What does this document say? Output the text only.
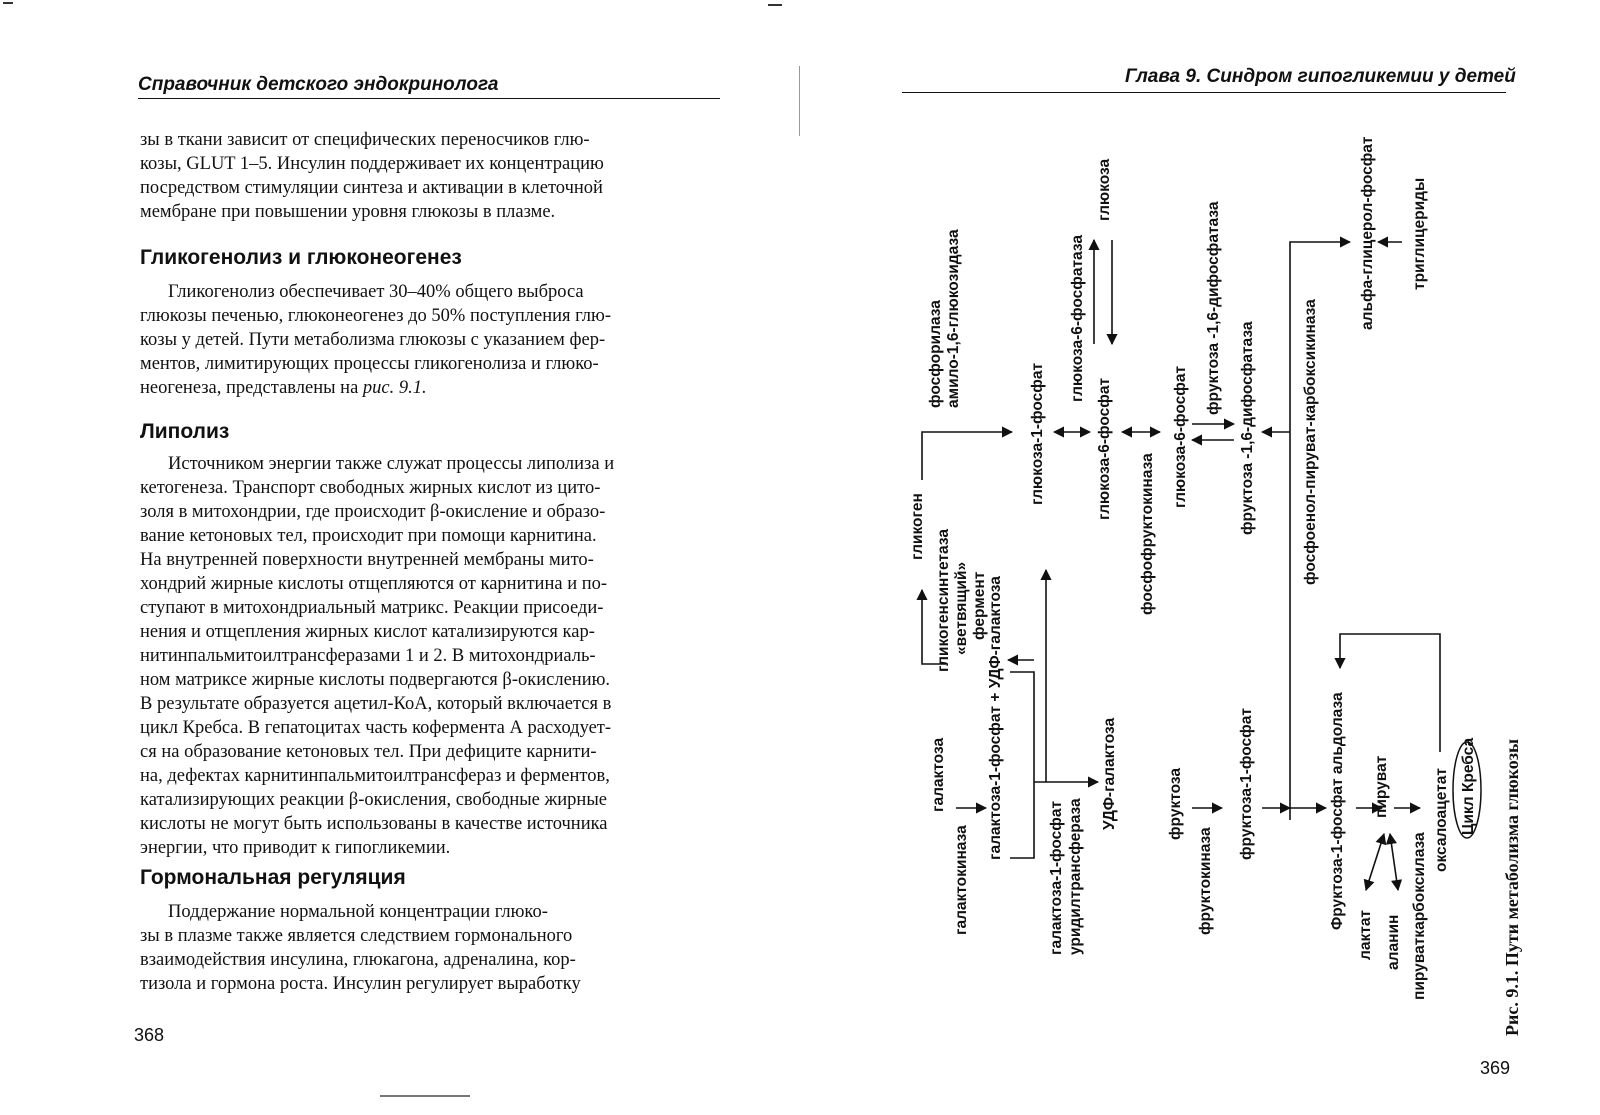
Справочник детского эндокринолога
зы в ткани зависит от специфических переносчиков глю-
козы, GLUT 1–5. Инсулин поддерживает их концентрацию
посредством стимуляции синтеза и активации в клеточной
мембране при повышении уровня глюкозы в плазме.
Гликогенолиз и глюконеогенез
Гликогенолиз обеспечивает 30–40% общего выброса
глюкозы печенью, глюконеогенез до 50% поступления глю-
козы у детей. Пути метаболизма глюкозы с указанием фер-
ментов, лимитирующих процессы гликогенолиза и глюко-
неогенеза, представлены на рис. 9.1.
Липолиз
Источником энергии также служат процессы липолиза и
кетогенеза. Транспорт свободных жирных кислот из цито-
золя в митохондрии, где происходит β-окисление и образо-
вание кетоновых тел, происходит при помощи карнитина.
На внутренней поверхности внутренней мембраны мито-
хондрий жирные кислоты отщепляются от карнитина и по-
ступают в митохондриальный матрикс. Реакции присоеди-
нения и отщепления жирных кислот катализируются кар-
нитинпальмитоилтрансферазами 1 и 2. В митохондриаль-
ном матриксе жирные кислоты подвергаются β-окислению.
В результате образуется ацетил-КоА, который включается в
цикл Кребса. В гепатоцитах часть кофермента А расходует-
ся на образование кетоновых тел. При дефиците карнити-
на, дефектах карнитинпальмитоилтрансфераз и ферментов,
катализирующих реакции β-окисления, свободные жирные
кислоты не могут быть использованы в качестве источника
энергии, что приводит к гипогликемии.
Гормональная регуляция
Поддержание нормальной концентрации глюко-
зы в плазме также является следствием гормонального
взаимодействия инсулина, глюкагона, адреналина, кор-
тизола и гормона роста. Инсулин регулирует выработку
368
Глава 9. Синдром гипогликемии у детей
369
галактоза
галактокиназа
галактоза-1-фосфат + УДФ-галактоза
галактоза-1-фосфат уридилтрансфераза
УДФ-галактоза
гликоген
гликогенсинтетаза «ветвящий» фермент
фосфорилаза амило-1,6-глюкозидаза
глюкоза-1-фосфат	глюкоза-6-фосфат
глюкоза-6-фосфатаза
глюкоза
фосфофруктокиназа
глюкоза-6-фосфат
фруктоза -1,6-дифосфатаза
фруктоза -1,6-дифосфатаза
фруктоза
фруктокиназа
фруктоза-1-фосфат
фосфоенол-пируват-карбоксикиназа
альфа-глицерол-фосфат триглицериды
Фруктоза-1-фосфат альдолаза
лактат аланин
пируват
пируваткарбоксилаза
оксалоацетат Цикл Кребса Рис. 9.1. Пути метаболизма глюкозы
